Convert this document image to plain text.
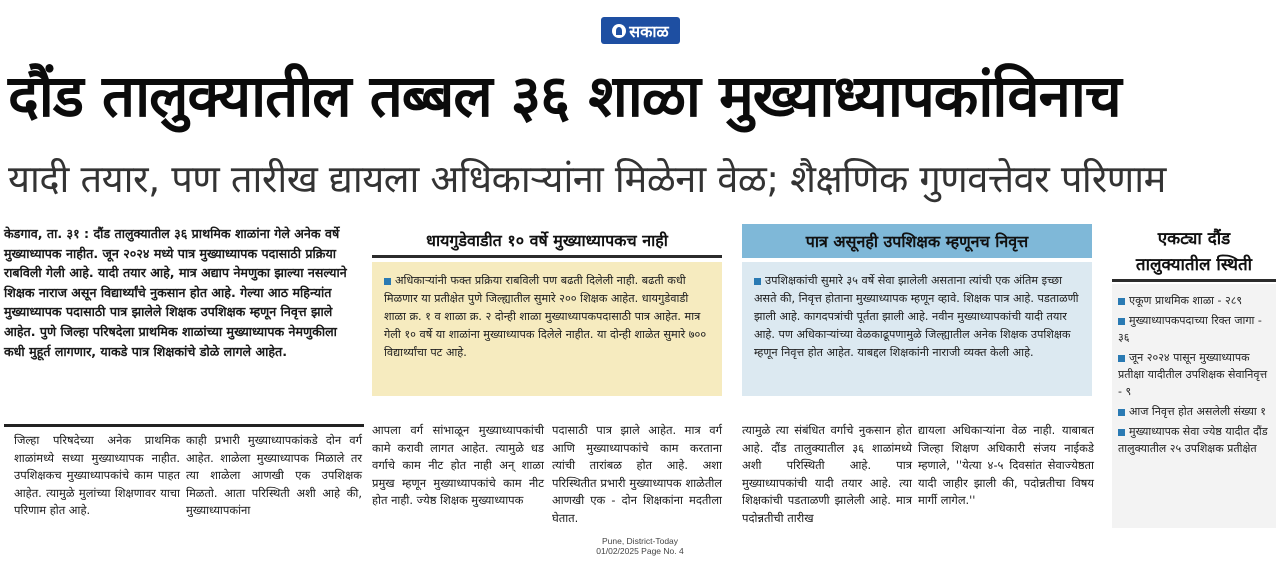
सकाळ
दौंड तालुक्यातील तब्बल ३६ शाळा मुख्याध्यापकांविनाच
यादी तयार, पण तारीख द्यायला अधिकाऱ्यांना मिळेना वेळ; शैक्षणिक गुणवत्तेवर परिणाम
केडगाव, ता. ३१ : दौंड तालुक्यातील ३६ प्राथमिक शाळांना गेले अनेक वर्षे मुख्याध्यापक नाहीत. जून २०२४ मध्ये पात्र मुख्याध्यापक पदासाठी प्रक्रिया राबविली गेली आहे. यादी तयार आहे, मात्र अद्याप नेमणुका झाल्या नसल्याने शिक्षक नाराज असून विद्यार्थ्यांचे नुकसान होत आहे. गेल्या आठ महिन्यांत मुख्याध्यापक पदासाठी पात्र झालेले शिक्षक उपशिक्षक म्हणून निवृत्त झाले आहेत. पुणे जिल्हा परिषदेला प्राथमिक शाळांच्या मुख्याध्यापक नेमणुकीला कधी मुहूर्त लागणार, याकडे पात्र शिक्षकांचे डोळे लागले आहेत.
धायगुडेवाडीत १० वर्षे मुख्याध्यापकच नाही
अधिकाऱ्यांनी फक्त प्रक्रिया राबविली पण बढती दिलेली नाही. बढती कधी मिळणार या प्रतीक्षेत पुणे जिल्ह्यातील सुमारे २०० शिक्षक आहेत. धायगुडेवाडी शाळा क्र. १ व शाळा क्र. २ दोन्ही शाळा मुख्याध्यापकपदासाठी पात्र आहेत. मात्र गेली १० वर्षे या शाळांना मुख्याध्यापक दिलेले नाहीत. या दोन्ही शाळेत सुमारे ७०० विद्यार्थ्यांचा पट आहे.
पात्र असूनही उपशिक्षक म्हणूनच निवृत्त
उपशिक्षकांची सुमारे ३५ वर्षे सेवा झालेली असताना त्यांची एक अंतिम इच्छा असते की, निवृत्त होताना मुख्याध्यापक म्हणून व्हावे. शिक्षक पात्र आहे. पडताळणी झाली आहे. कागदपत्रांची पूर्तता झाली आहे. नवीन मुख्याध्यापकांची यादी तयार आहे. पण अधिकाऱ्यांच्या वेळकाढूपणामुळे जिल्ह्यातील अनेक शिक्षक उपशिक्षक म्हणून निवृत्त होत आहेत. याबद्दल शिक्षकांनी नाराजी व्यक्त केली आहे.
एकट्या दौंड
तालुक्यातील स्थिती
एकूण प्राथमिक शाळा - २८९
मुख्याध्यापकपदाच्या रिक्त जागा - ३६
जून २०२४ पासून मुख्याध्यापक प्रतीक्षा यादीतील उपशिक्षक सेवानिवृत्त - ९
आज निवृत्त होत असलेली संख्या १
मुख्याध्यापक सेवा ज्येष्ठ यादीत दौंड तालुक्यातील २५ उपशिक्षक प्रतीक्षेत
जिल्हा परिषदेच्या अनेक प्राथमिक शाळांमध्ये सध्या मुख्याध्यापक नाहीत. उपशिक्षकच मुख्याध्यापकांचे काम पाहत आहेत. त्यामुळे मुलांच्या शिक्षणावर याचा परिणाम होत आहे.
काही प्रभारी मुख्याध्यापकांकडे दोन वर्ग आहेत. शाळेला मुख्याध्यापक मिळाले तर त्या शाळेला आणखी एक उपशिक्षक मिळतो. आता परिस्थिती अशी आहे की, मुख्याध्यापकांना
आपला वर्ग सांभाळून मुख्याध्यापकांची कामे करावी लागत आहेत. त्यामुळे धड वर्गाचे काम नीट होत नाही अन् शाळा प्रमुख म्हणून मुख्याध्यापकांचे काम नीट होत नाही. ज्येष्ठ शिक्षक मुख्याध्यापक
पदासाठी पात्र झाले आहेत. मात्र वर्ग आणि मुख्याध्यापकांचे काम करताना त्यांची तारांबळ होत आहे. अशा परिस्थितीत प्रभारी मुख्याध्यापक शाळेतील आणखी एक - दोन शिक्षकांना मदतीला घेतात.
त्यामुळे त्या संबंधित वर्गाचे नुकसान होत आहे. दौंड तालुक्यातील ३६ शाळांमध्ये अशी परिस्थिती आहे. पात्र मुख्याध्यापकांची यादी तयार आहे. त्या शिक्षकांची पडताळणी झालेली आहे. मात्र पदोन्नतीची तारीख
द्यायला अधिकाऱ्यांना वेळ नाही. याबाबत जिल्हा शिक्षण अधिकारी संजय नाईकडे म्हणाले, ''येत्या ४-५ दिवसांत सेवाज्येष्ठता यादी जाहीर झाली की, पदोन्नतीचा विषय मार्गी लागेल.''
Pune, District-Today
01/02/2025 Page No. 4
